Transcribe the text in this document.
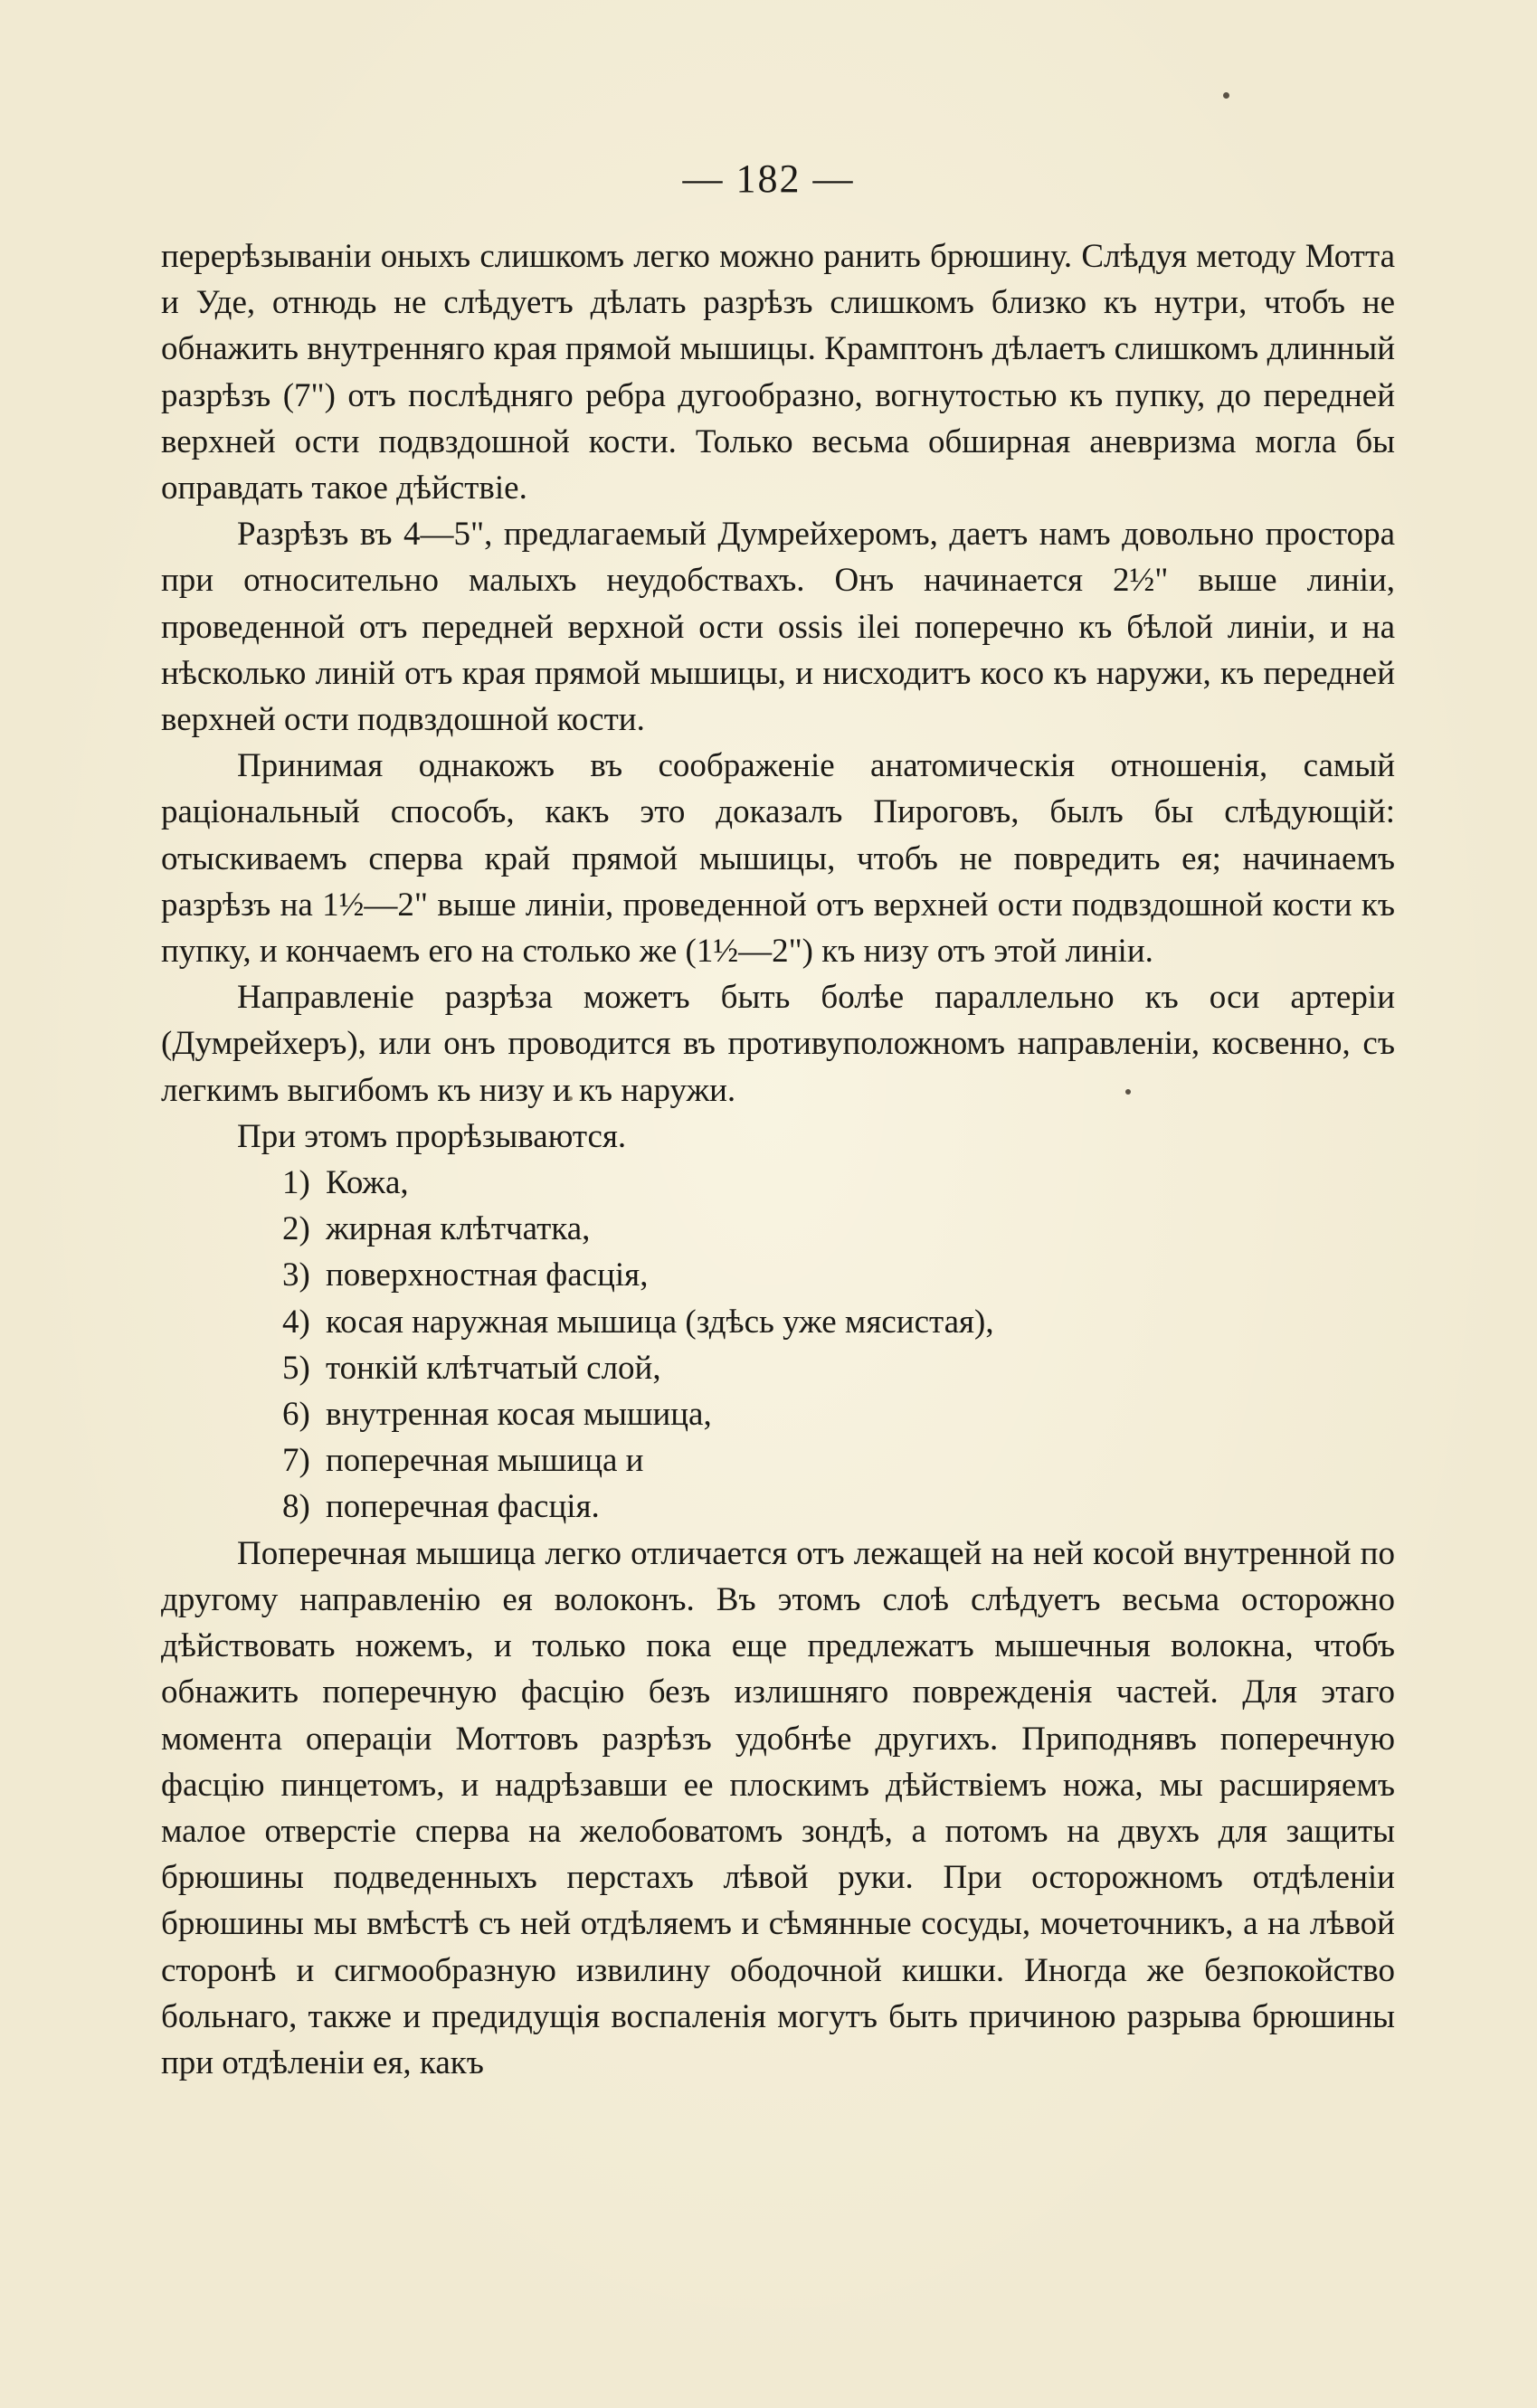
— 182 —

перерѣзываніи оныхъ слишкомъ легко можно ранить брюшину. Слѣдуя методу Мотта и Уде, отнюдь не слѣдуетъ дѣлать разрѣзъ слишкомъ близко къ нутри, чтобъ не обнажить внутренняго края прямой мышицы. Крамптонъ дѣлаетъ слишкомъ длинный разрѣзъ (7") отъ послѣдняго ребра дугообразно, вогнутостью къ пупку, до передней верхней ости подвздошной кости. Только весьма обширная аневризма могла бы оправдать такое дѣйствіе.

Разрѣзъ въ 4—5", предлагаемый Думрейхеромъ, даетъ намъ довольно простора при относительно малыхъ неудобствахъ. Онъ начинается 2½" выше линіи, проведенной отъ передней верхной ости ossis ilei поперечно къ бѣлой линіи, и на нѣсколько линій отъ края прямой мышицы, и нисходитъ косо къ наружи, къ передней верхней ости подвздошной кости.

Принимая однакожъ въ соображеніе анатомическія отношенія, самый раціональный способъ, какъ это доказалъ Пироговъ, былъ бы слѣдующій: отыскиваемъ сперва край прямой мышицы, чтобъ не повредить ея; начинаемъ разрѣзъ на 1½—2" выше линіи, проведенной отъ верхней ости подвздошной кости къ пупку, и кончаемъ его на столько же (1½—2") къ низу отъ этой линіи.

Направленіе разрѣза можетъ быть болѣе параллельно къ оси артеріи (Думрейхеръ), или онъ проводится въ противуположномъ направленіи, косвенно, съ легкимъ выгибомъ къ низу и къ наружи.

При этомъ прорѣзываются.

1) Кожа,
2) жирная клѣтчатка,
3) поверхностная фасція,
4) косая наружная мышица (здѣсь уже мясистая),
5) тонкій клѣтчатый слой,
6) внутренная косая мышица,
7) поперечная мышица и
8) поперечная фасція.

Поперечная мышица легко отличается отъ лежащей на ней косой внутренной по другому направленію ея волоконъ. Въ этомъ слоѣ слѣдуетъ весьма осторожно дѣйствовать ножемъ, и только пока еще предлежатъ мышечныя волокна, чтобъ обнажить поперечную фасцію безъ излишняго поврежденія частей. Для этаго момента операціи Моттовъ разрѣзъ удобнѣе другихъ. Приподнявъ поперечную фасцію пинцетомъ, и надрѣзавши ее плоскимъ дѣйствіемъ ножа, мы расширяемъ малое отверстіе сперва на желобоватомъ зондѣ, а потомъ на двухъ для защиты брюшины подведенныхъ перстахъ лѣвой руки. При осторожномъ отдѣленіи брюшины мы вмѣстѣ съ ней отдѣляемъ и сѣмянные сосуды, мочеточникъ, а на лѣвой сторонѣ и сигмообразную извилину ободочной кишки. Иногда же безпокойство больнаго, также и предидущія воспаленія могутъ быть причиною разрыва брюшины при отдѣленіи ея, какъ
